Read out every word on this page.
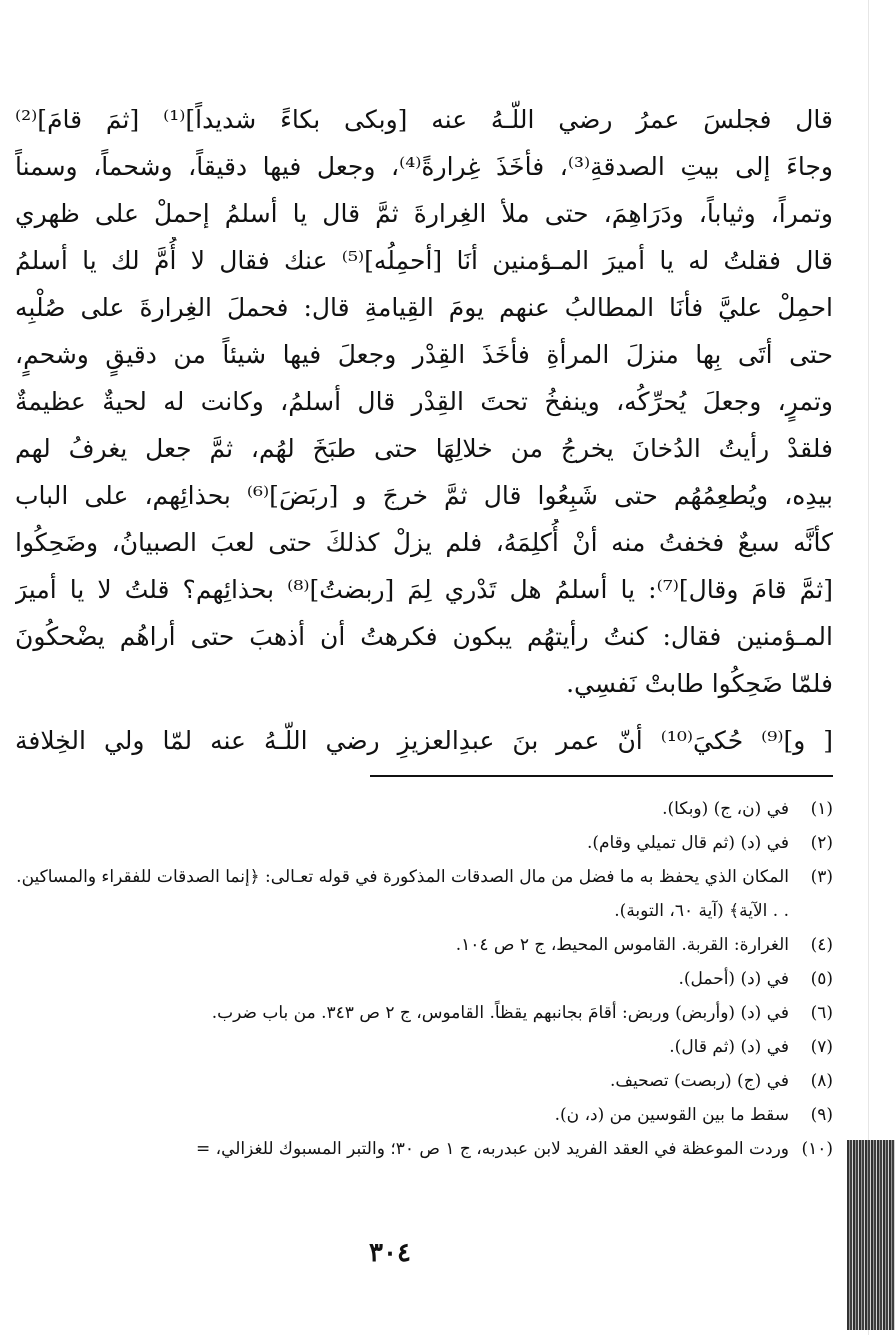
قال فجلسَ عمرُ رضي اللّـهُ عنه [وبكى بكاءً شديداً]⁽¹⁾ [ثمَ قامَ]⁽²⁾
وجاءَ إلى بيتِ الصدقةِ⁽³⁾، فأخَذَ غِرارةً⁽⁴⁾، وجعل فيها دقيقاً، وشحماً، وسمناً
وتمراً، وثياباً، ودَرَاهِمَ، حتى ملأ الغِرارةَ ثمَّ قال يا أسلمُ إحملْ على ظهري
قال فقلتُ له يا أميرَ المـؤمنين أنَا [أحمِلُه]⁽⁵⁾ عنك فقال لا أُمَّ لك يا أسلمُ
احمِلْ عليَّ فأنَا المطالبُ عنهم يومَ القِيامةِ قال: فحملَ الغِرارةَ على صُلْبِه
حتى أتَى بِها منزلَ المرأةِ فأخَذَ القِدْر وجعلَ فيها شيئاً من دقيقٍ وشحمٍ،
وتمرٍ، وجعلَ يُحرِّكُه، وينفخُ تحتَ القِدْر قال أسلمُ، وكانت له لحيةٌ عظيمةٌ
فلقدْ رأيتُ الدُخانَ يخرجُ من خلالِهَا حتى طبَخَ لهُم، ثمَّ جعل يغرفُ لهم
بيدِه، ويُطعِمُهُم حتى شَبِعُوا قال ثمَّ خرجَ و [ربَضَ]⁽⁶⁾ بحذائِهم، على الباب
كأنَّه سبعٌ فخفتُ منه أنْ أُكلِمَهُ، فلم يزلْ كذلكَ حتى لعبَ الصبيانُ، وضَحِكُوا
[ثمَّ قامَ وقال]⁽⁷⁾: يا أسلمُ هل تَدْري لِمَ [ربضتُ]⁽⁸⁾ بحذائِهم؟ قلتُ لا يا أميرَ
المـؤمنين فقال: كنتُ رأيتهُم يبكون فكرهتُ أن أذهبَ حتى أراهُم يضْحكُونَ
فلمّا ضَحِكُوا طابتْ نَفسِي.
[ و]⁽⁹⁾ حُكيَ⁽¹⁰⁾ أنّ عمر بنَ عبدِالعزيزِ رضي اللّـهُ عنه لمّا ولي الخِلافة
(١)
في (ن، ج) (وبكا).
(٢)
في (د) (ثم قال تميلي وقام).
(٣)
المكان الذي يحفظ به ما فضل من مال الصدقات المذكورة في قوله تعـالى: ﴿إنما الصدقات للفقراء والمساكين. . . الآية﴾ (آية ٦٠، التوبة).
(٤)
الغرارة: القربة. القاموس المحيط، ج ٢ ص ١٠٤.
(٥)
في (د) (أحمل).
(٦)
في (د) (وأربض) وربض: أقامَ بجانبهم يقظاً. القاموس، ج ٢ ص ٣٤٣. من باب ضرب.
(٧)
في (د) (ثم قال).
(٨)
في (ج) (ربصت) تصحيف.
(٩)
سقط ما بين القوسين من (د، ن).
(١٠)
وردت الموعظة في العقد الفريد لابن عبدربه، ج ١ ص ٣٠؛ والتبر المسبوك للغزالي، =
٣٠٤
